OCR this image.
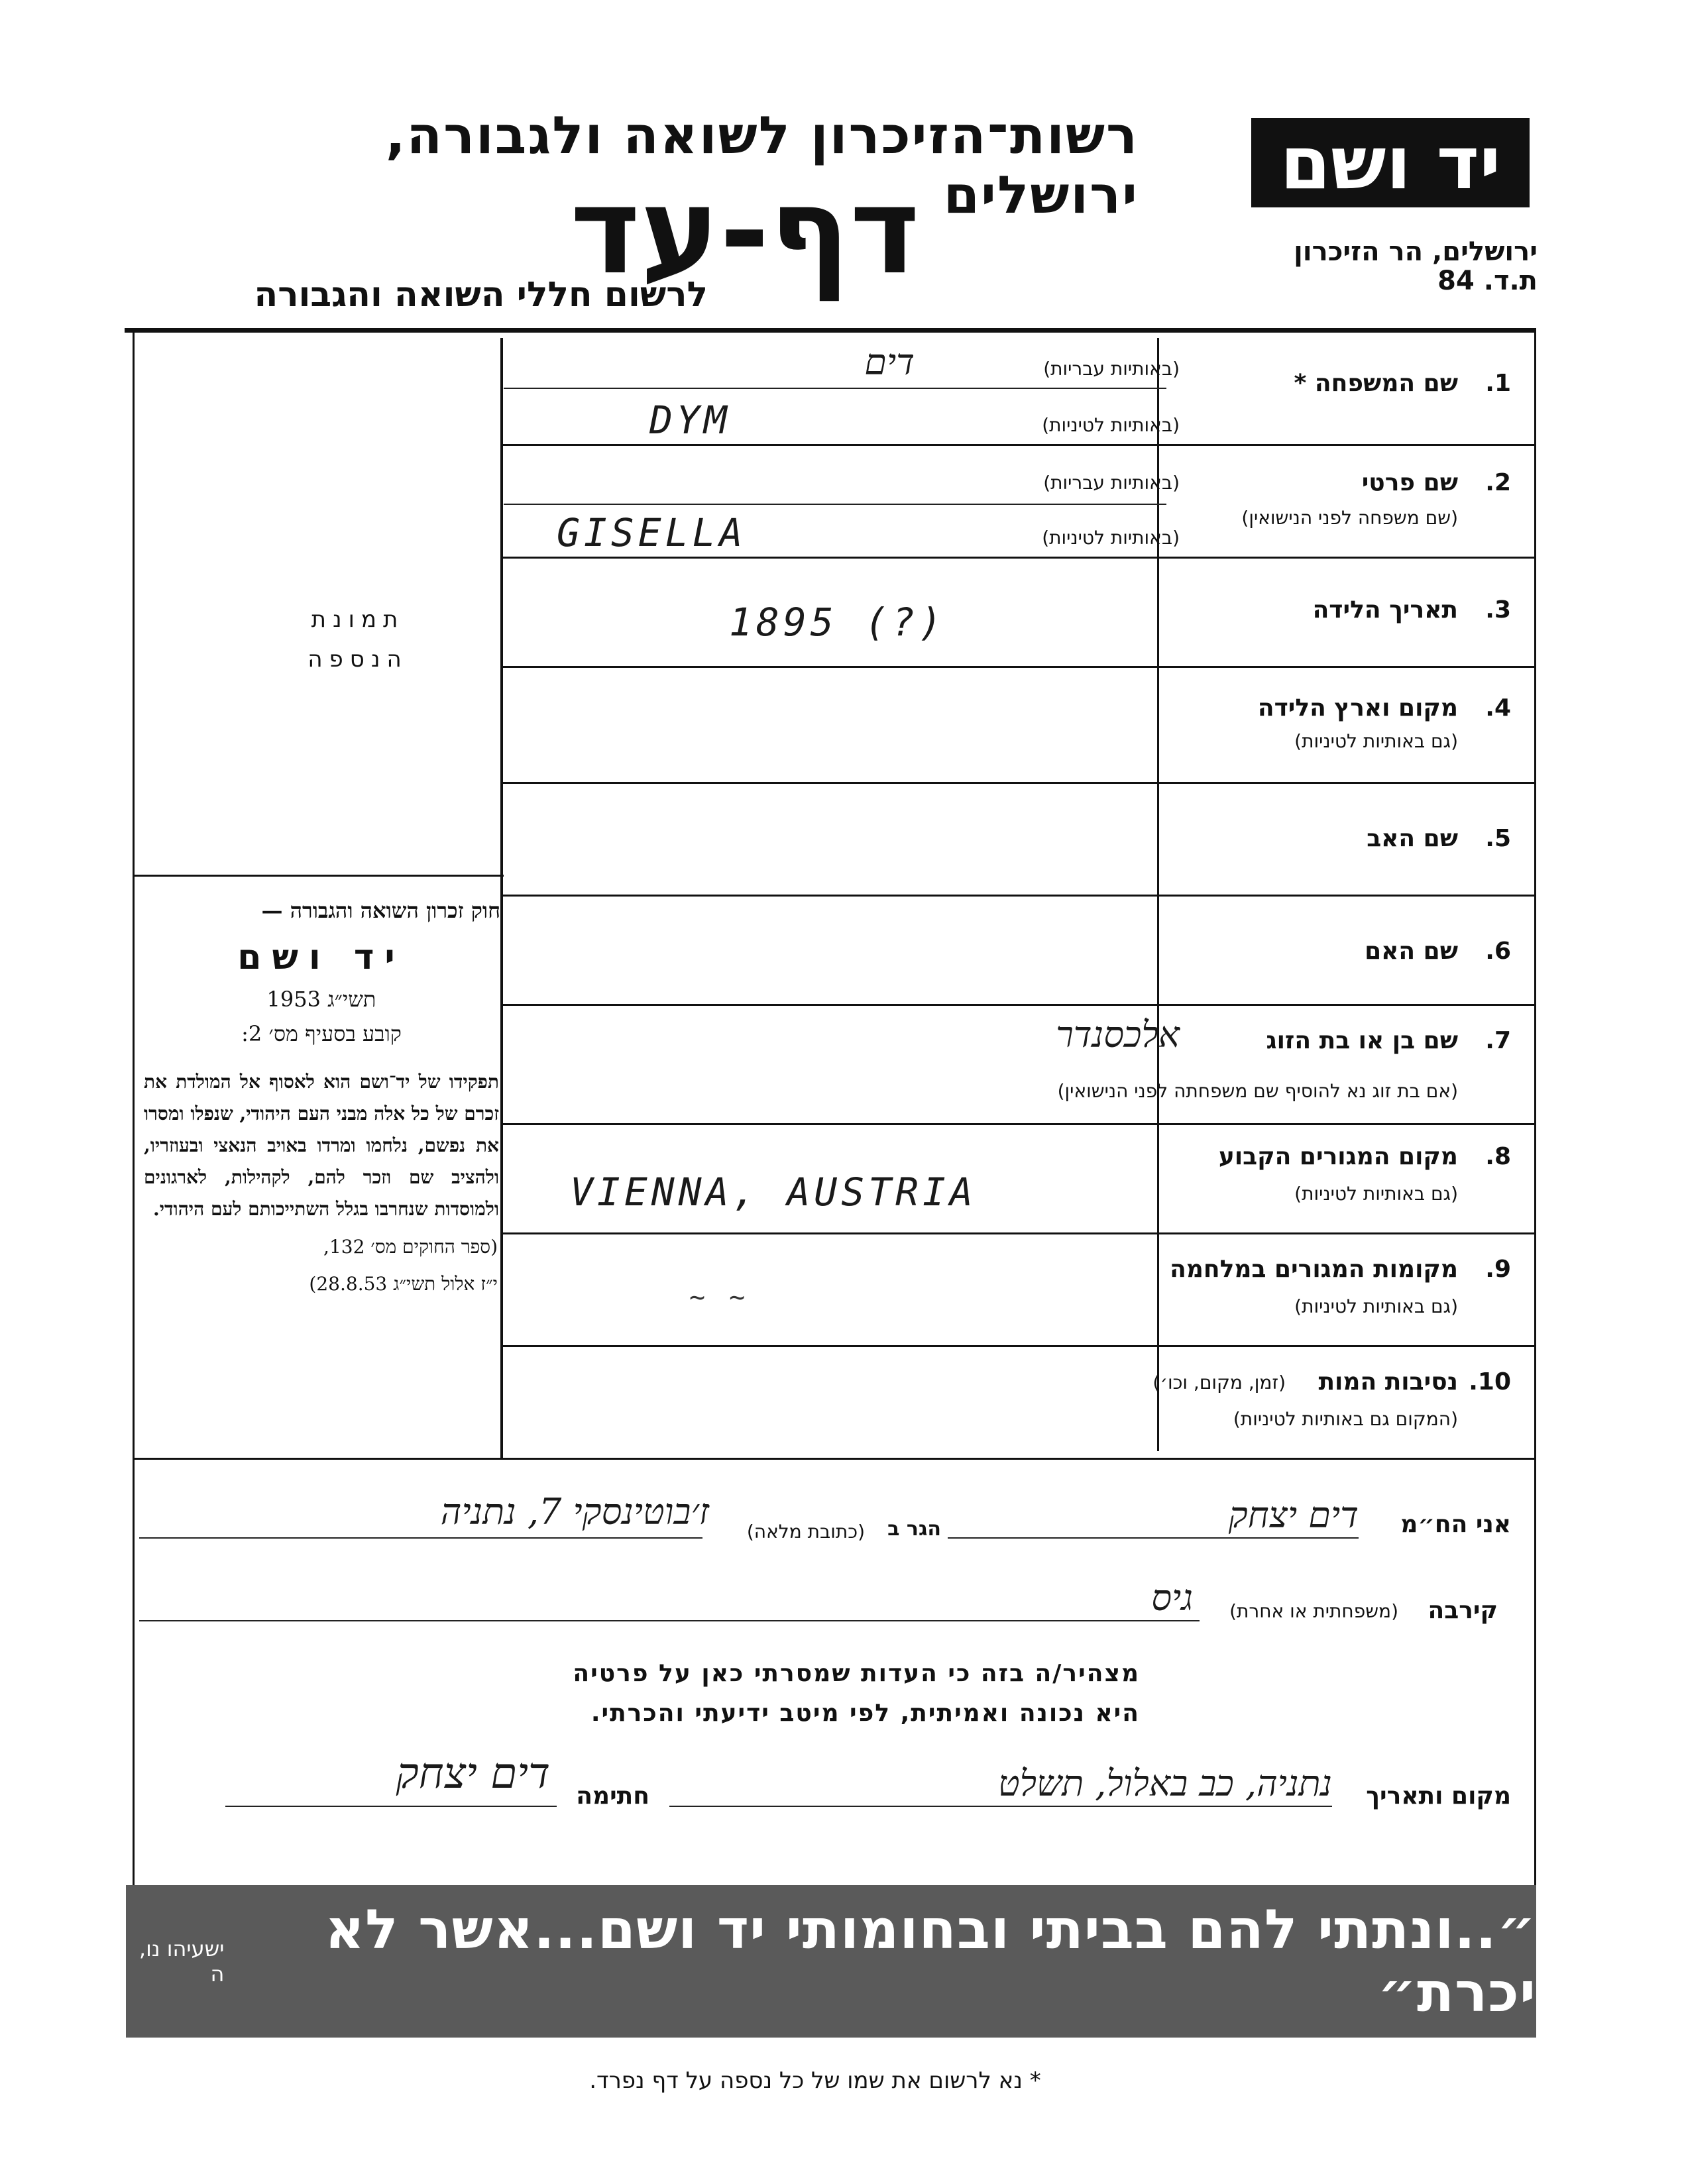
רשות־הזיכרון לשואה ולגבורה, ירושלים
דף-עד
לרשום חללי השואה והגבורה
יד ושם
ירושלים, הר הזיכרון
ת.ד. 84
תמונת
הנספה
חוק זכרון השואה והגבורה —
יד ושם
תשי״ג 1953
קובע בסעיף מס׳ 2:
תפקידו של יד־ושם הוא לאסוף אל המולדת את זכרם של כל אלה מבני העם היהודי, שנפלו ומסרו את נפשם, נלחמו ומרדו באויב הנאצי ובעוזריו, ולהציב שם וזכר להם, לקהילות, לארגונים ולמוסדות שנחרבו בגלל השתייכותם לעם היהודי.
(ספר החוקים מס׳ 132,
י״ז אלול תשי״ג 28.8.53)
.1
שם המשפחה *
(באותיות עבריות)
(באותיות לטיניות)
דים
DYM
.2
שם פרטי
(שם משפחה לפני הנישואין)
(באותיות עבריות)
(באותיות לטיניות)
GISELLA
.3
תאריך הלידה
1895 (?)
.4
מקום וארץ הלידה
(גם באותיות לטיניות)
.5
שם האב
.6
שם האם
.7
שם בן או בת הזוג
(אם בת זוג נא להוסיף שם משפחתה לפני הנישואין)
אלכסנדר
.8
מקום המגורים הקבוע
(גם באותיות לטיניות)
VIENNA, AUSTRIA
.9
מקומות המגורים במלחמה
(גם באותיות לטיניות)
~ ~
.10
נסיבות המות
(זמן, מקום, וכו׳)
(המקום גם באותיות לטיניות)
אני הח״מ
דים יצחק
הגר ב
(כתובת מלאה)
ז׳בוטינסקי 7, נתניה
קירבה
(משפחתית או אחרת)
גיס
מצהיר/ה בזה כי העדות שמסרתי כאן על פרטיה
היא נכונה ואמיתית, לפי מיטב ידיעתי והכרתי.
מקום ותאריך
נתניה, כב באלול, תשלט
חתימה
דים יצחק
״..ונתתי להם בביתי ובחומותי יד ושם...אשר לא יכרת״
ישעיהו נו, ה
* נא לרשום את שמו של כל נספה על דף נפרד.
